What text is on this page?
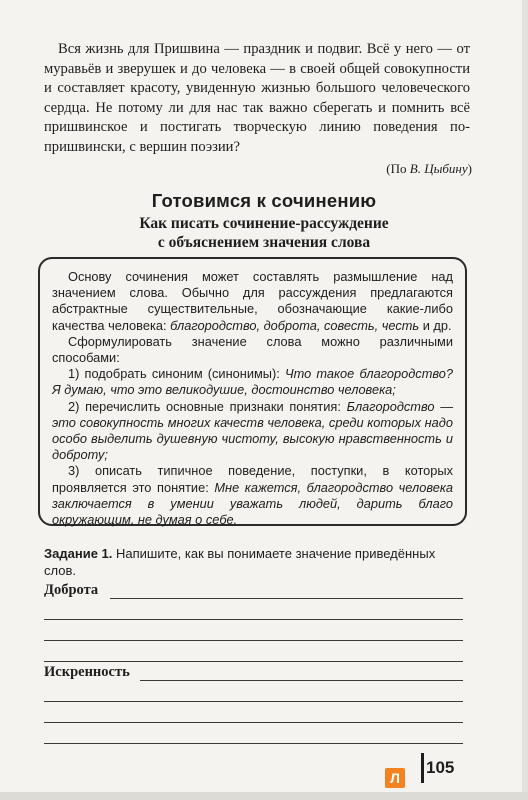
Вся жизнь для Пришвина — праздник и подвиг. Всё у него — от муравьёв и зверушек и до человека — в своей общей совокупности и составляет красоту, увиденную жизнью большого человеческого сердца. Не потому ли для нас так важно сберегать и помнить всё пришвинское и постигать творческую линию поведения по-пришвински, с вершин поэзии?

(По В. Цыбину)
Готовимся к сочинению
Как писать сочинение-рассуждение
с объяснением значения слова

Основу сочинения может составлять размышление над значением слова. Обычно для рассуждения предлагаются абстрактные существительные, обозначающие какие-либо качества человека: благородство, доброта, совесть, честь и др.

Сформулировать значение слова можно различными способами:

1) подобрать синоним (синонимы): Что такое благородство? Я думаю, что это великодушие, достоинство человека;

2) перечислить основные признаки понятия: Благородство — это совокупность многих качеств человека, среди которых надо особо выделить душевную чистоту, высокую нравственность и доброту;

3) описать типичное поведение, поступки, в которых проявляется это понятие: Мне кажется, благородство человека заключается в умении уважать людей, дарить благо окружающим, не думая о себе.

Задание 1. Напишите, как вы понимаете значение приведённых слов.
Доброта
Искренность
Л
105
